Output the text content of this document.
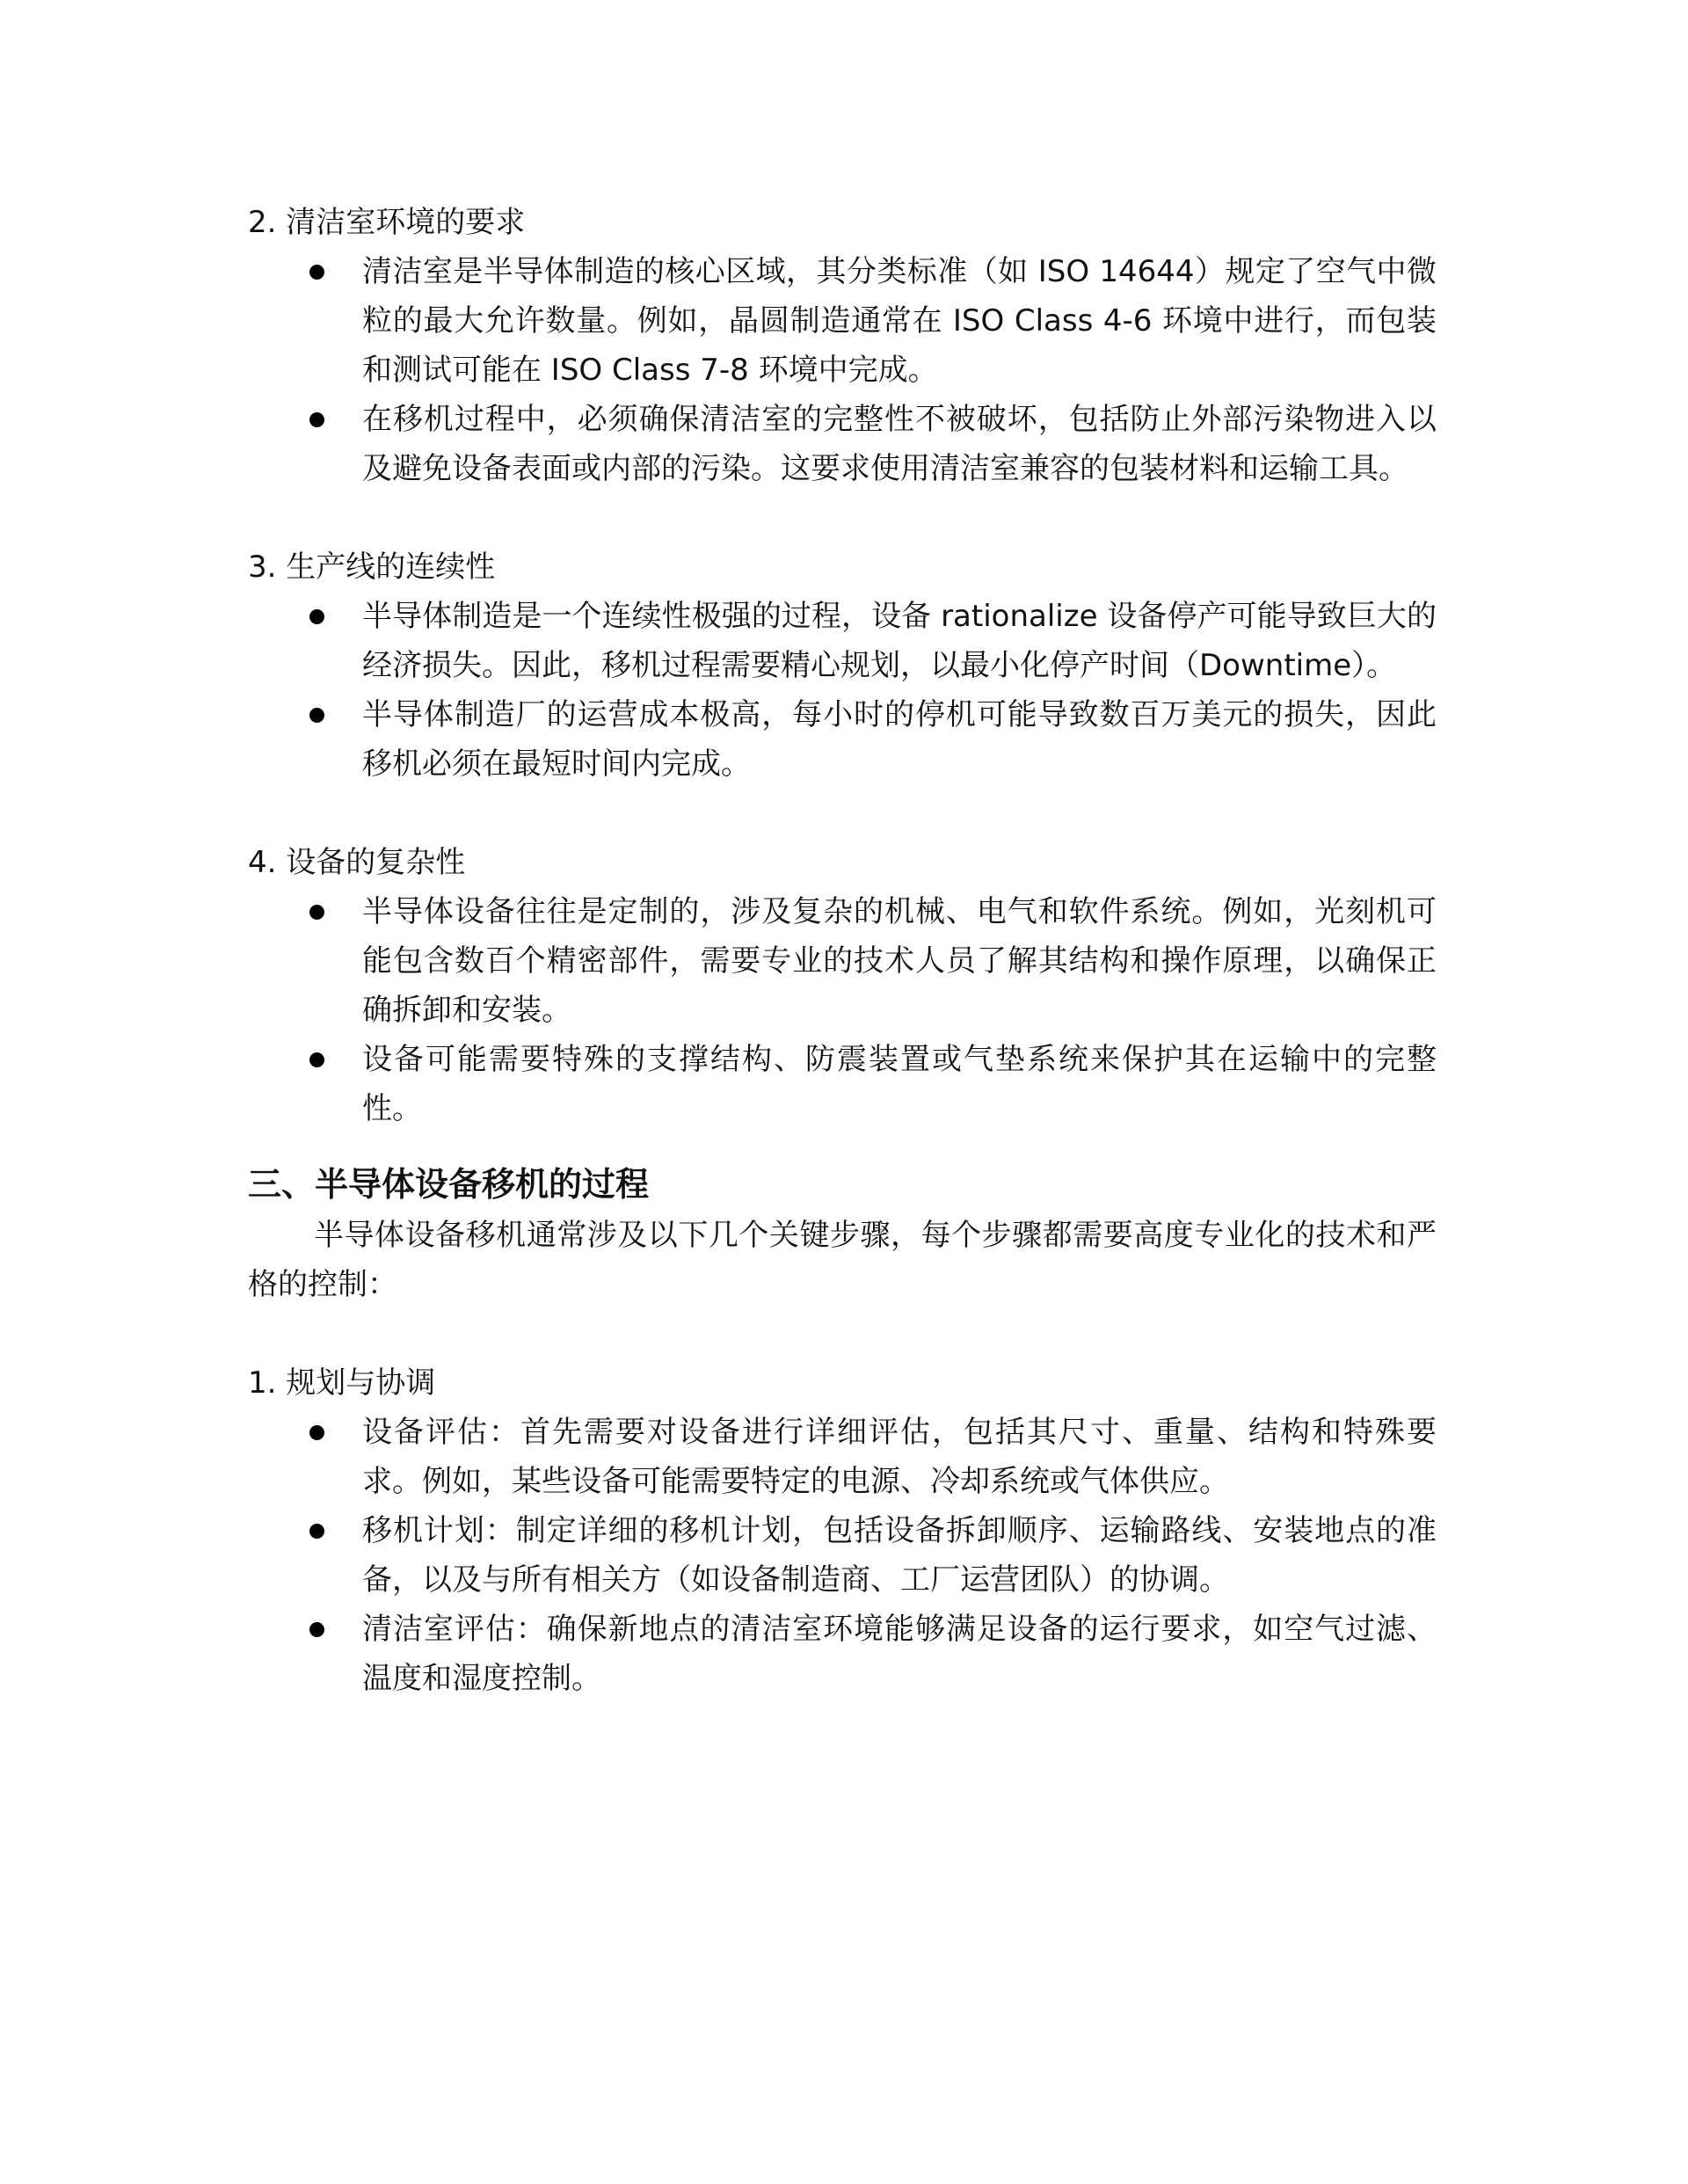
2. 清洁室环境的要求

清洁室是半导体制造的核心区域，其分类标准（如 ISO 14644）规定了空气中微粒的最大允许数量。例如，晶圆制造通常在 ISO Class 4-6 环境中进行，而包装和测试可能在 ISO Class 7-8 环境中完成。
在移机过程中，必须确保清洁室的完整性不被破坏，包括防止外部污染物进入以及避免设备表面或内部的污染。这要求使用清洁室兼容的包装材料和运输工具。

3. 生产线的连续性

半导体制造是一个连续性极强的过程，设备 rationalize 设备停产可能导致巨大的经济损失。因此，移机过程需要精心规划，以最小化停产时间（Downtime）。
半导体制造厂的运营成本极高，每小时的停机可能导致数百万美元的损失，因此移机必须在最短时间内完成。

4. 设备的复杂性

半导体设备往往是定制的，涉及复杂的机械、电气和软件系统。例如，光刻机可能包含数百个精密部件，需要专业的技术人员了解其结构和操作原理，以确保正确拆卸和安装。
设备可能需要特殊的支撑结构、防震装置或气垫系统来保护其在运输中的完整性。
三、半导体设备移机的过程

半导体设备移机通常涉及以下几个关键步骤，每个步骤都需要高度专业化的技术和严格的控制：

1. 规划与协调

设备评估：首先需要对设备进行详细评估，包括其尺寸、重量、结构和特殊要求。例如，某些设备可能需要特定的电源、冷却系统或气体供应。
移机计划：制定详细的移机计划，包括设备拆卸顺序、运输路线、安装地点的准备，以及与所有相关方（如设备制造商、工厂运营团队）的协调。
清洁室评估：确保新地点的清洁室环境能够满足设备的运行要求，如空气过滤、温度和湿度控制。
